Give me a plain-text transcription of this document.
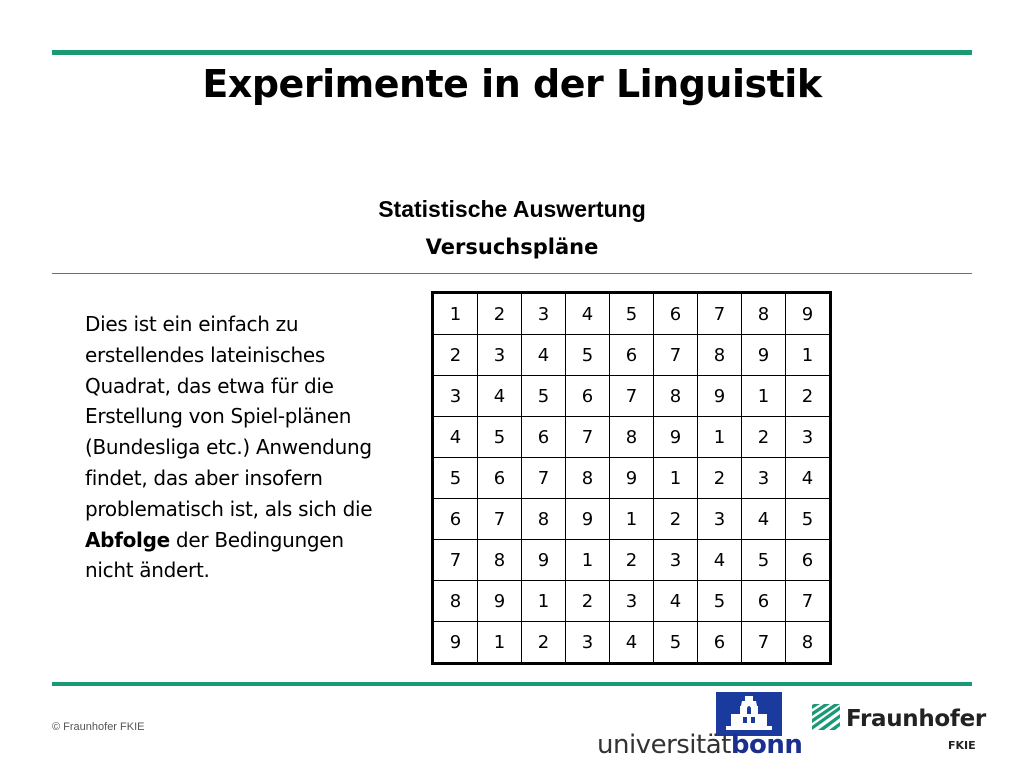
Experimente in der Linguistik
Statistische Auswertung
Versuchspläne
Dies ist ein einfach zu erstellendes lateinisches Quadrat, das etwa für die Erstellung von Spiel-plänen (Bundesliga etc.) Anwendung findet, das aber insofern problematisch ist, als sich die Abfolge der Bedingungen nicht ändert.
1	2	3	4	5	6	7	8	9
2	3	4	5	6	7	8	9	1
3	4	5	6	7	8	9	1	2
4	5	6	7	8	9	1	2	3
5	6	7	8	9	1	2	3	4
6	7	8	9	1	2	3	4	5
7	8	9	1	2	3	4	5	6
8	9	1	2	3	4	5	6	7
9	1	2	3	4	5	6	7	8
© Fraunhofer FKIE
universitätbonn
Fraunhofer
FKIE
